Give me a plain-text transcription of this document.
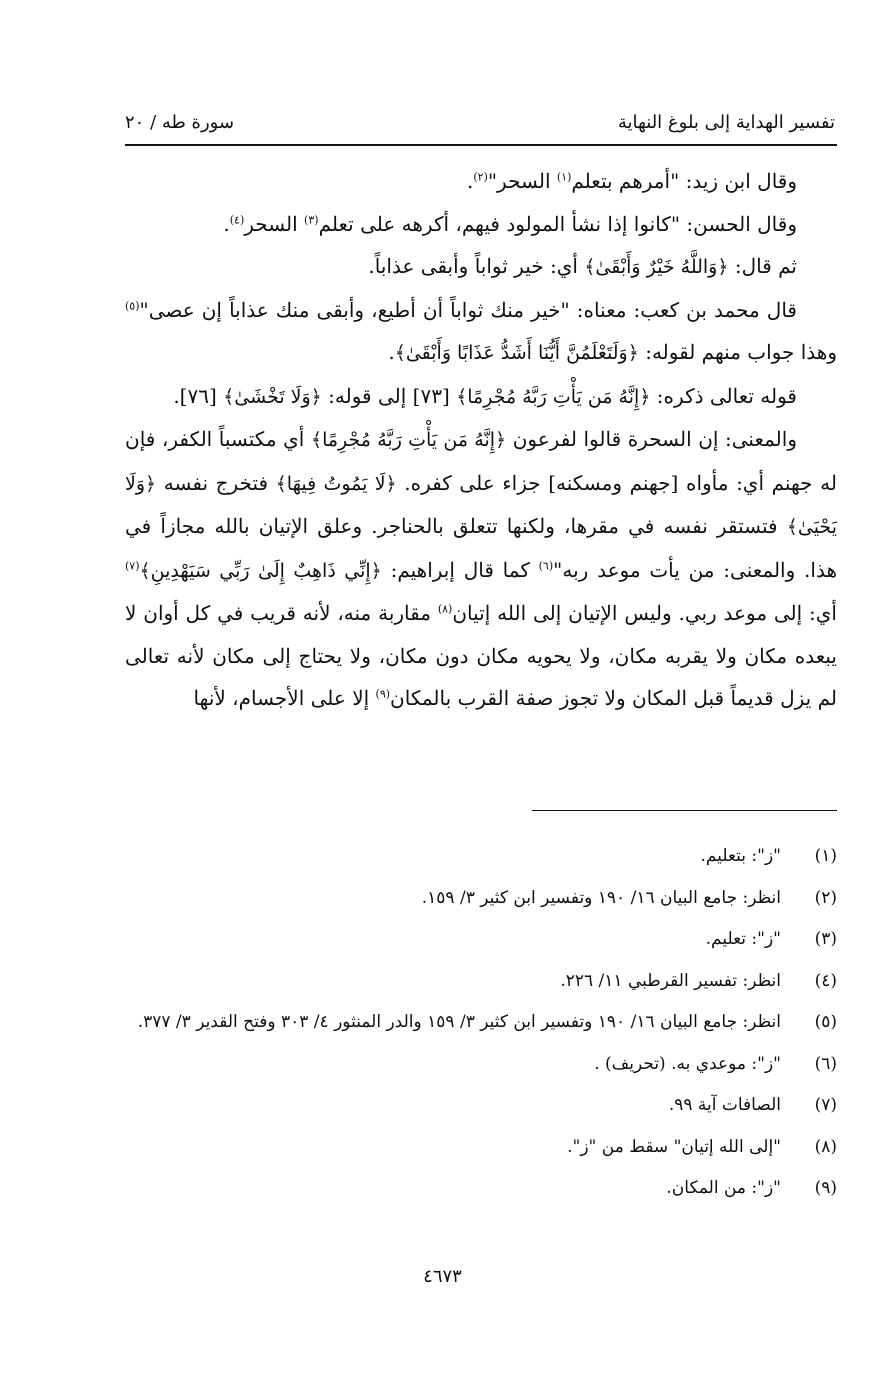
تفسير الهداية إلى بلوغ النهاية
سورة طه / ٢٠

وقال ابن زيد: "أمرهم بتعلم$^{(١)}$ السحر"$^{(٢)}$.

وقال الحسن: "كانوا إذا نشأ المولود فيهم، أكرهه على تعلم$^{(٣)}$ السحر$^{(٤)}$.

ثم قال: ﴿وَاللَّهُ خَيْرٌ وَأَبْقَىٰ﴾ أي: خير ثواباً وأبقى عذاباً.

قال محمد بن كعب: معناه: "خير منك ثواباً أن أطيع، وأبقى منك عذاباً إن عصى"$^{(٥)}$ وهذا جواب منهم لقوله: ﴿وَلَتَعْلَمُنَّ أَيُّنَا أَشَدُّ عَذَابًا وَأَبْقَىٰ﴾.

قوله تعالى ذكره: ﴿إِنَّهُ مَن يَأْتِ رَبَّهُ مُجْرِمًا﴾ [٧٣] إلى قوله: ﴿وَلَا تَخْشَىٰ﴾ [٧٦].

والمعنى: إن السحرة قالوا لفرعون ﴿إِنَّهُ مَن يَأْتِ رَبَّهُ مُجْرِمًا﴾ أي مكتسباً الكفر، فإن له جهنم أي: مأواه [جهنم ومسكنه] جزاء على كفره. ﴿لَا يَمُوتُ فِيهَا﴾ فتخرج نفسه ﴿وَلَا يَحْيَىٰ﴾ فتستقر نفسه في مقرها، ولكنها تتعلق بالحناجر. وعلق الإتيان بالله مجازاً في هذا. والمعنى: من يأت موعد ربه"$^{(٦)}$ كما قال إبراهيم: ﴿إِنِّي ذَاهِبٌ إِلَىٰ رَبِّي سَيَهْدِينِ﴾$^{(٧)}$ أي: إلى موعد ربي. وليس الإتيان إلى الله إتيان$^{(٨)}$ مقاربة منه، لأنه قريب في كل أوان لا يبعده مكان ولا يقربه مكان، ولا يحويه مكان دون مكان، ولا يحتاج إلى مكان لأنه تعالى لم يزل قديماً قبل المكان ولا تجوز صفة القرب بالمكان$^{(٩)}$ إلا على الأجسام، لأنها

(١)
"ز": بتعليم.
(٢)
انظر: جامع البيان ١٦/ ١٩٠ وتفسير ابن كثير ٣/ ١٥٩.
(٣)
"ز": تعليم.
(٤)
انظر: تفسير القرطبي ١١/ ٢٢٦.
(٥)
انظر: جامع البيان ١٦/ ١٩٠ وتفسير ابن كثير ٣/ ١٥٩ والدر المنثور ٤/ ٣٠٣ وفتح القدير ٣/ ٣٧٧.
(٦)
"ز": موعدي به. (تحريف) .
(٧)
الصافات آية ٩٩.
(٨)
"إلى الله إتيان" سقط من "ز".
(٩)
"ز": من المكان.
٤٦٧٣
